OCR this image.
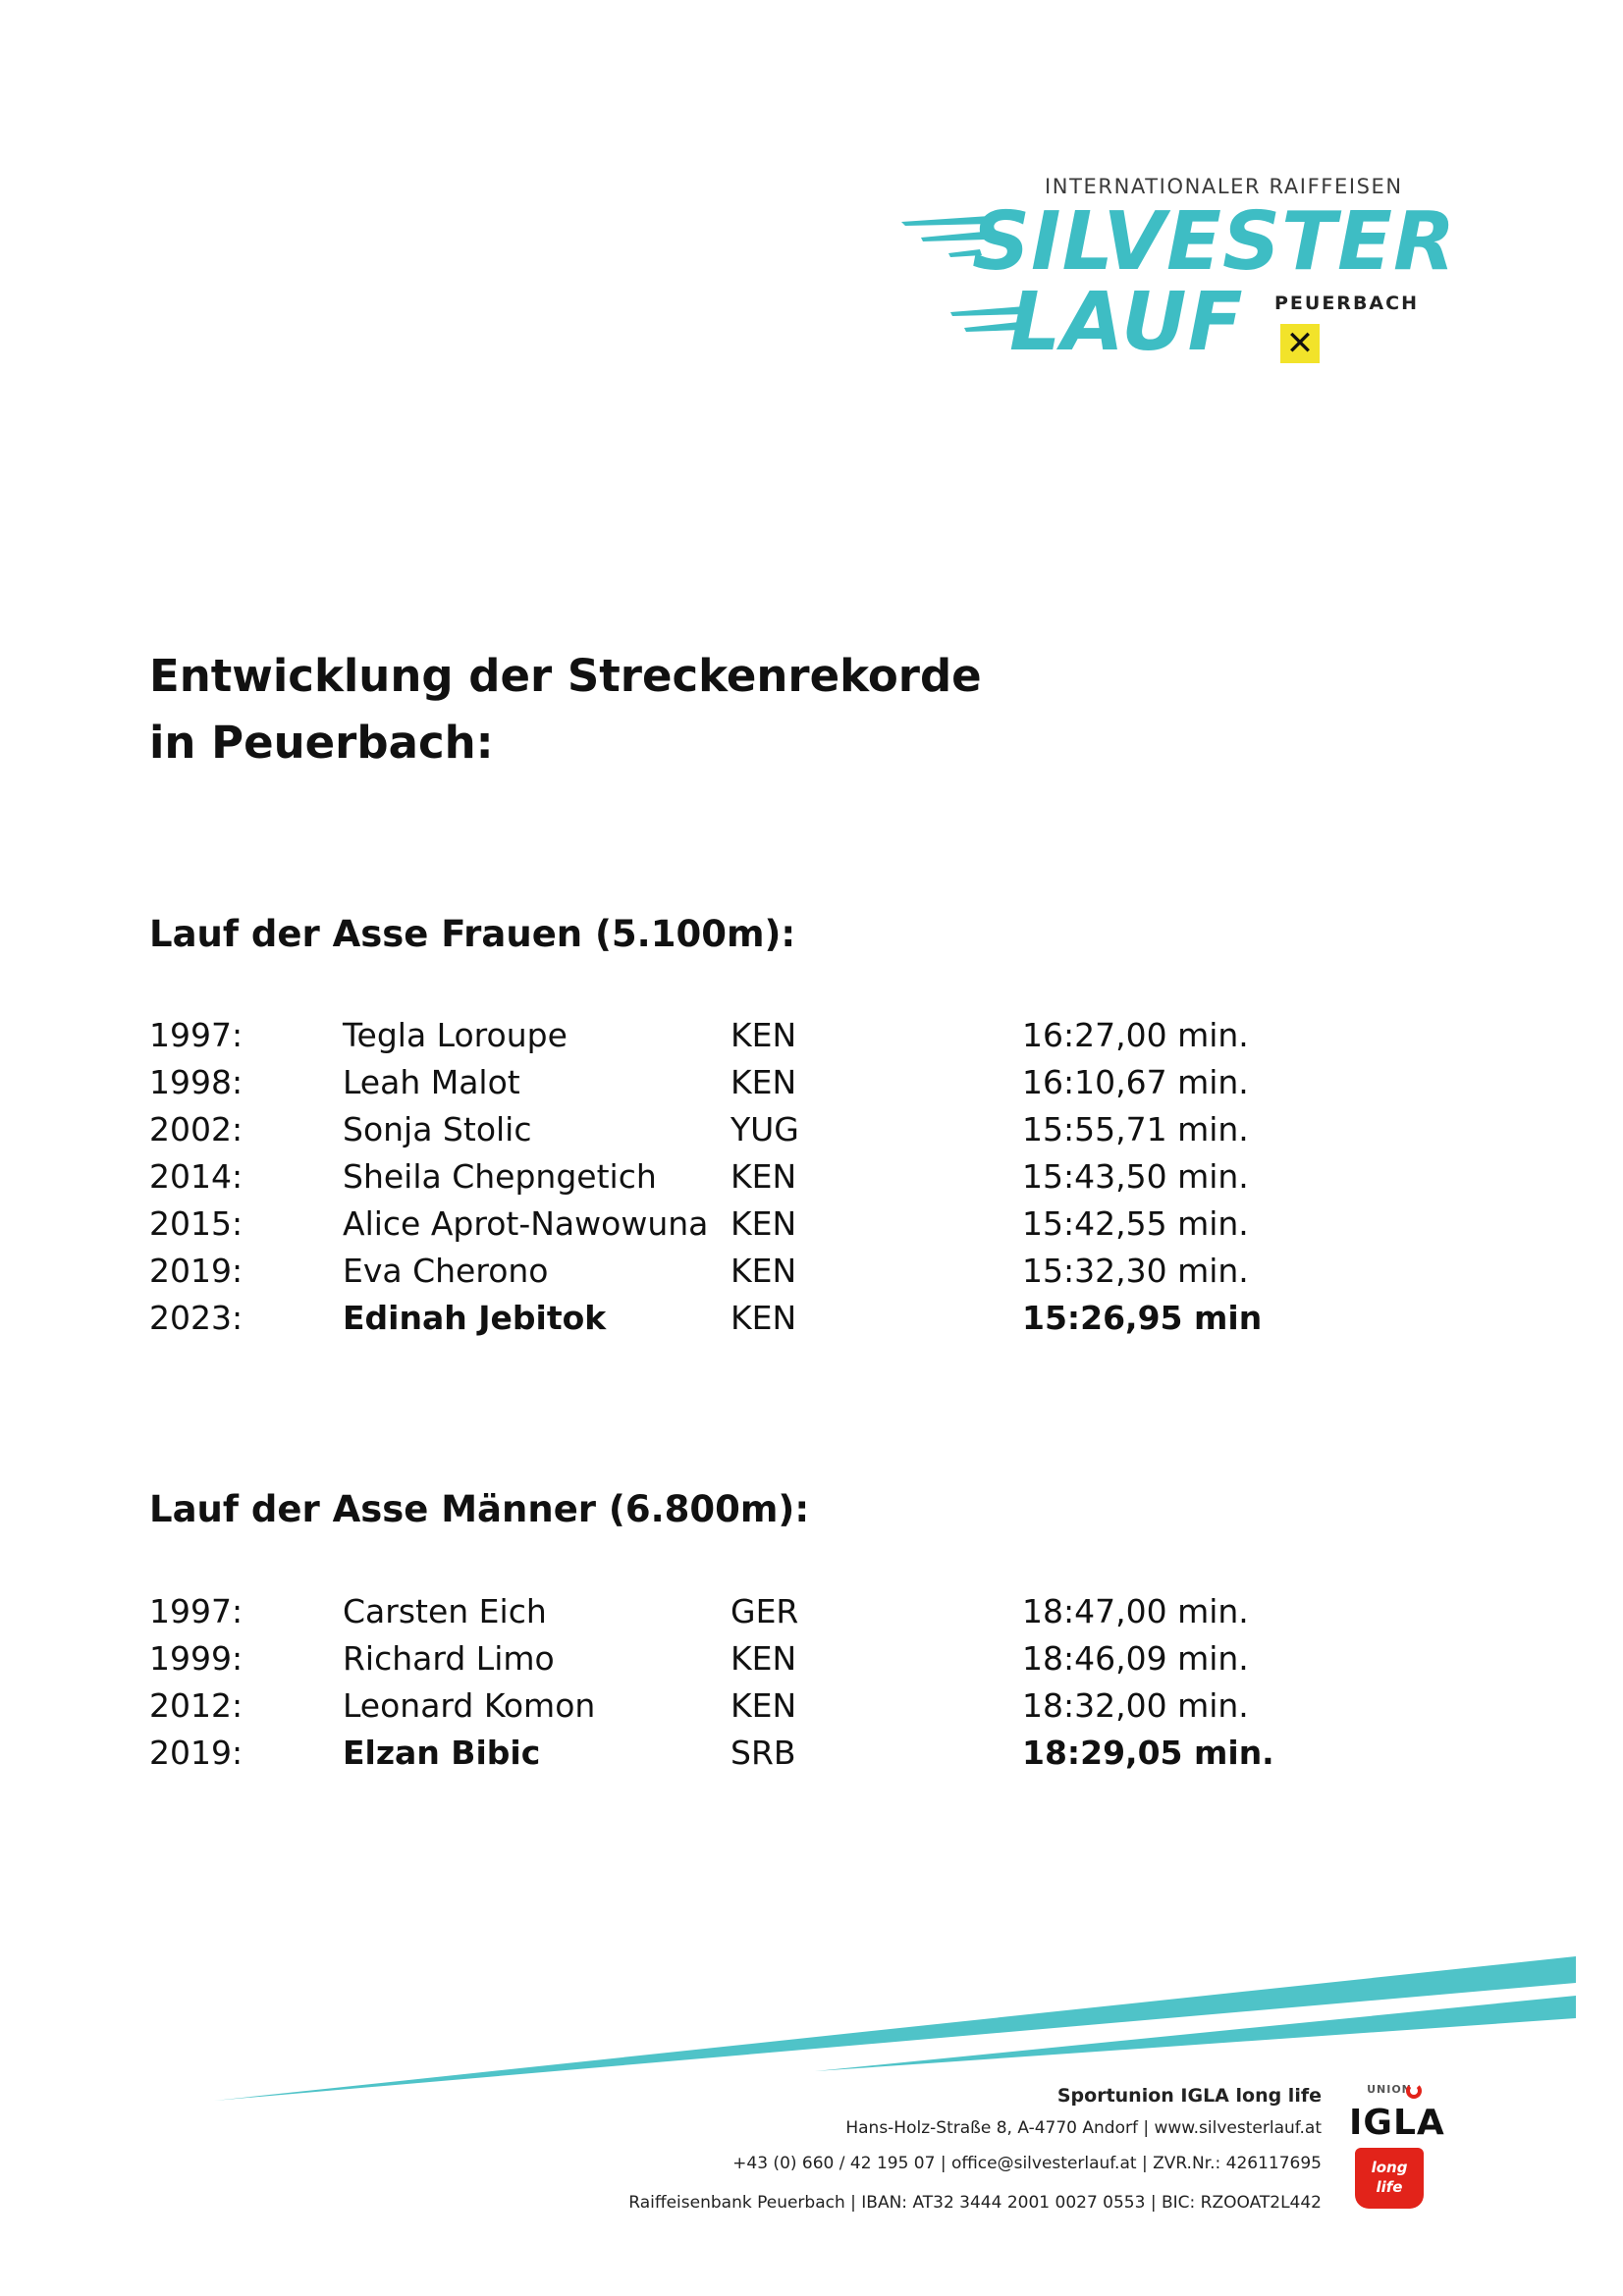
INTERNATIONALER RAIFFEISEN
SILVESTER
LAUF PEUERBACH
✕
Entwicklung der Streckenrekorde
in Peuerbach:
Lauf der Asse Frauen (5.100m):
1997:	Tegla Loroupe	KEN	16:27,00 min.
1998:	Leah Malot	KEN	16:10,67 min.
2002:	Sonja Stolic	YUG	15:55,71 min.
2014:	Sheila Chepngetich	KEN	15:43,50 min.
2015:	Alice Aprot-Nawowuna	KEN	15:42,55 min.
2019:	Eva Cherono	KEN	15:32,30 min.
2023:	Edinah Jebitok	KEN	15:26,95 min
Lauf der Asse Männer (6.800m):
1997:	Carsten Eich	GER	18:47,00 min.
1999:	Richard Limo	KEN	18:46,09 min.
2012:	Leonard Komon	KEN	18:32,00 min.
2019:	Elzan Bibic	SRB	18:29,05 min.
Sportunion IGLA long life
Hans-Holz-Straße 8, A-4770 Andorf | www.silvesterlauf.at
+43 (0) 660 / 42 195 07 | office@silvesterlauf.at | ZVR.Nr.: 426117695
Raiffeisenbank Peuerbach | IBAN: AT32 3444 2001 0027 0553 | BIC: RZOOAT2L442
UNION
IGLA
long
life
